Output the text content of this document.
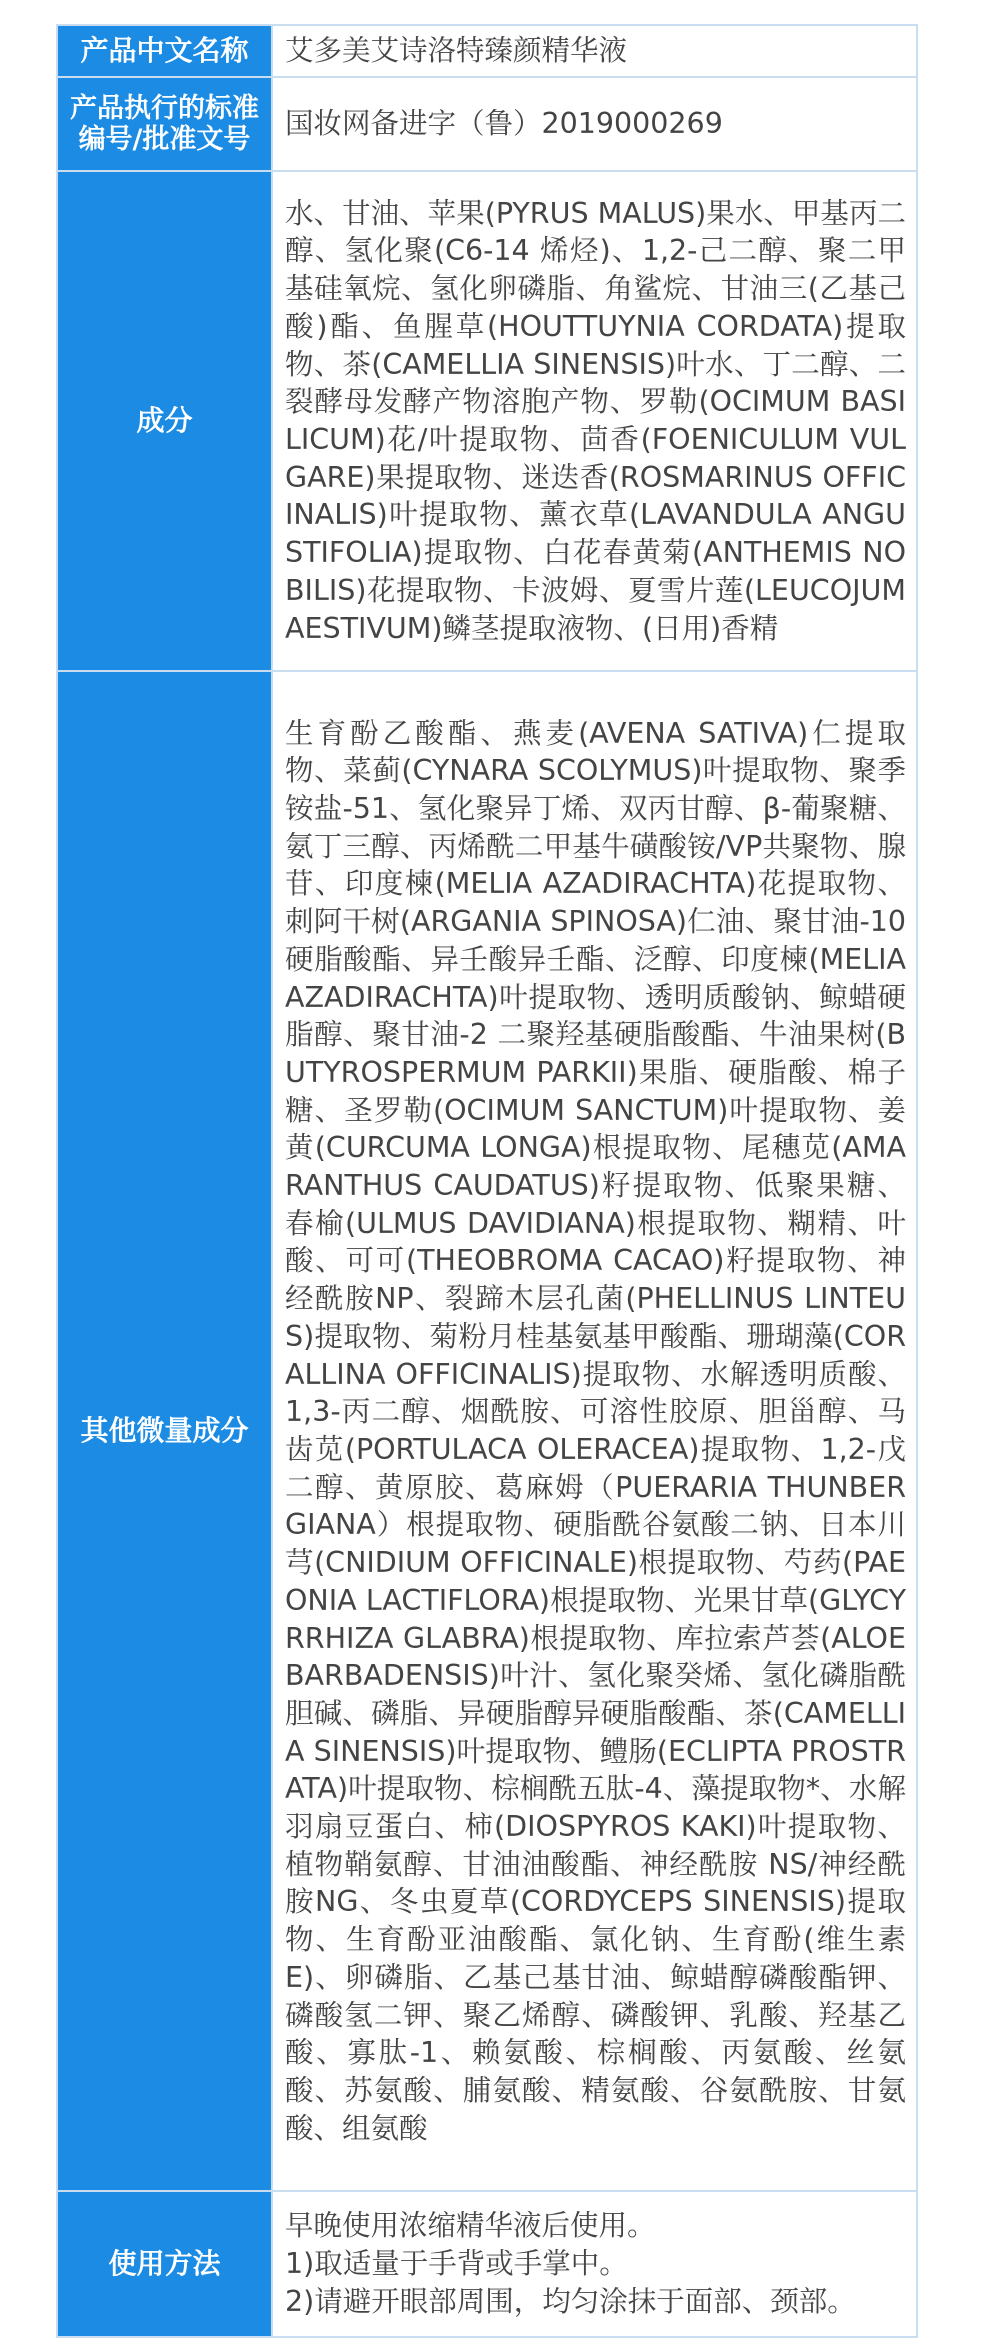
产品中文名称	艾多美艾诗洛特臻颜精华液
产品执行的标准编号/批准文号	国妆网备进字（鲁）2019000269
成分	水、甘油、苹果(PYRUS MALUS)果水、甲基丙二醇、氢化聚(C6-14 烯烃)、1,2-己二醇、聚二甲基硅氧烷、氢化卵磷脂、角鲨烷、甘油三(乙基己酸)酯、鱼腥草(HOUTTUYNIA CORDATA)提取物、茶(CAMELLIA SINENSIS)叶水、丁二醇、二裂酵母发酵产物溶胞产物、罗勒(OCIMUM BASILICUM)花/叶提取物、茴香(FOENICULUM VULGARE)果提取物、迷迭香(ROSMARINUS OFFICINALIS)叶提取物、薰衣草(LAVANDULA ANGUSTIFOLIA)提取物、白花春黄菊(ANTHEMIS NOBILIS)花提取物、卡波姆、夏雪片莲(LEUCOJUM AESTIVUM)鳞茎提取液物、(日用)香精
其他微量成分	生育酚乙酸酯、燕麦(AVENA SATIVA)仁提取物、菜蓟(CYNARA SCOLYMUS)叶提取物、聚季铵盐-51、氢化聚异丁烯、双丙甘醇、β-葡聚糖、氨丁三醇、丙烯酰二甲基牛磺酸铵/VP共聚物、腺苷、印度楝(MELIA AZADIRACHTA)花提取物、刺阿干树(ARGANIA SPINOSA)仁油、聚甘油-10 硬脂酸酯、异壬酸异壬酯、泛醇、印度楝(MELIA AZADIRACHTA)叶提取物、透明质酸钠、鲸蜡硬脂醇、聚甘油-2 二聚羟基硬脂酸酯、牛油果树(BUTYROSPERMUM PARKII)果脂、硬脂酸、棉子糖、圣罗勒(OCIMUM SANCTUM)叶提取物、姜黄(CURCUMA LONGA)根提取物、尾穗苋(AMARANTHUS CAUDATUS)籽提取物、低聚果糖、春榆(ULMUS DAVIDIANA)根提取物、糊精、叶酸、可可(THEOBROMA CACAO)籽提取物、神经酰胺NP、裂蹄木层孔菌(PHELLINUS LINTEUS)提取物、菊粉月桂基氨基甲酸酯、珊瑚藻(CORALLINA OFFICINALIS)提取物、水解透明质酸、1,3-丙二醇、烟酰胺、可溶性胶原、胆甾醇、马齿苋(PORTULACA OLERACEA)提取物、1,2-戊二醇、黄原胶、葛麻姆（PUERARIA THUNBERGIANA）根提取物、硬脂酰谷氨酸二钠、日本川芎(CNIDIUM OFFICINALE)根提取物、芍药(PAEONIA LACTIFLORA)根提取物、光果甘草(GLYCYRRHIZA GLABRA)根提取物、库拉索芦荟(ALOE BARBADENSIS)叶汁、氢化聚癸烯、氢化磷脂酰胆碱、磷脂、异硬脂醇异硬脂酸酯、茶(CAMELLIA SINENSIS)叶提取物、鳢肠(ECLIPTA PROSTRATA)叶提取物、棕榈酰五肽-4、藻提取物*、水解羽扇豆蛋白、柿(DIOSPYROS KAKI)叶提取物、植物鞘氨醇、甘油油酸酯、神经酰胺 NS/神经酰胺NG、冬虫夏草(CORDYCEPS SINENSIS)提取物、生育酚亚油酸酯、氯化钠、生育酚(维生素E)、卵磷脂、乙基己基甘油、鲸蜡醇磷酸酯钾、磷酸氢二钾、聚乙烯醇、磷酸钾、乳酸、羟基乙酸、寡肽-1、赖氨酸、棕榈酸、丙氨酸、丝氨酸、苏氨酸、脯氨酸、精氨酸、谷氨酰胺、甘氨酸、组氨酸
使用方法	早晚使用浓缩精华液后使用。
1)取适量于手背或手掌中。
2)请避开眼部周围，均匀涂抹于面部、颈部。
